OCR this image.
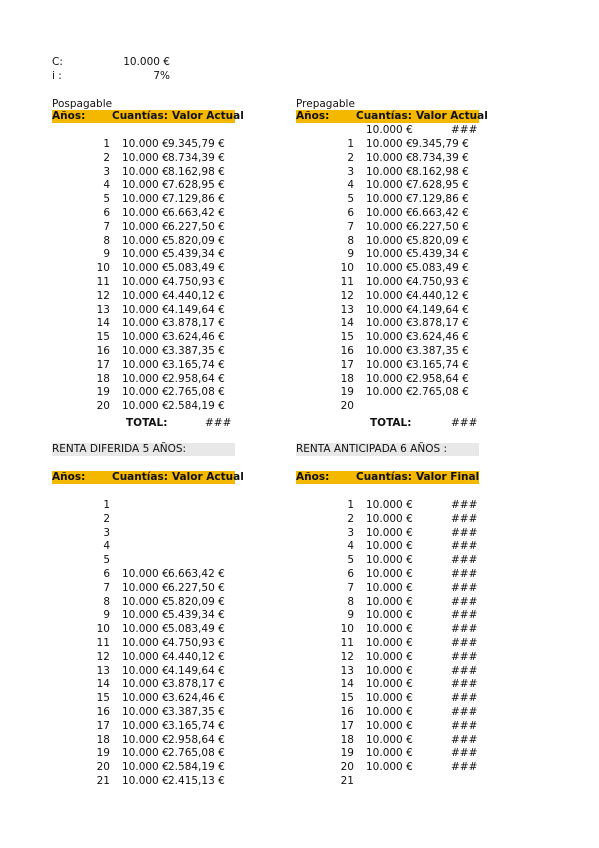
C:	10.000 €
i :	7%
Pospagable
Años:	Cuantías: Valor Actual
1 10.000 € 9.345,79 €
2 10.000 € 8.734,39 €
3 10.000 € 8.162,98 €
4 10.000 € 7.628,95 €
5 10.000 € 7.129,86 €
6 10.000 € 6.663,42 €
7 10.000 € 6.227,50 €
8 10.000 € 5.820,09 €
9 10.000 € 5.439,34 €
10 10.000 € 5.083,49 €
11 10.000 € 4.750,93 €
12 10.000 € 4.440,12 €
13 10.000 € 4.149,64 €
14 10.000 € 3.878,17 €
15 10.000 € 3.624,46 €
16 10.000 € 3.387,35 €
17 10.000 € 3.165,74 €
18 10.000 € 2.958,64 €
19 10.000 € 2.765,08 €
20 10.000 € 2.584,19 €
TOTAL:	###
Prepagable
Años:	Cuantías: Valor Actual
10.000 €	###
1 10.000 € 9.345,79 €
2 10.000 € 8.734,39 €
3 10.000 € 8.162,98 €
4 10.000 € 7.628,95 €
5 10.000 € 7.129,86 €
6 10.000 € 6.663,42 €
7 10.000 € 6.227,50 €
8 10.000 € 5.820,09 €
9 10.000 € 5.439,34 €
10 10.000 € 5.083,49 €
11 10.000 € 4.750,93 €
12 10.000 € 4.440,12 €
13 10.000 € 4.149,64 €
14 10.000 € 3.878,17 €
15 10.000 € 3.624,46 €
16 10.000 € 3.387,35 €
17 10.000 € 3.165,74 €
18 10.000 € 2.958,64 €
19 10.000 € 2.765,08 €
20
TOTAL:	###
RENTA DIFERIDA 5 AÑOS:
Años:	Cuantías: Valor Actual
1
2
3
4
5
6 10.000 € 6.663,42 €
7 10.000 € 6.227,50 €
8 10.000 € 5.820,09 €
9 10.000 € 5.439,34 €
10 10.000 € 5.083,49 €
11 10.000 € 4.750,93 €
12 10.000 € 4.440,12 €
13 10.000 € 4.149,64 €
14 10.000 € 3.878,17 €
15 10.000 € 3.624,46 €
16 10.000 € 3.387,35 €
17 10.000 € 3.165,74 €
18 10.000 € 2.958,64 €
19 10.000 € 2.765,08 €
20 10.000 € 2.584,19 €
21 10.000 € 2.415,13 €
RENTA ANTICIPADA 6 AÑOS :
Años:	Cuantías: Valor Final
1 10.000 €	###
2 10.000 €	###
3 10.000 €	###
4 10.000 €	###
5 10.000 €	###
6 10.000 €	###
7 10.000 €	###
8 10.000 €	###
9 10.000 €	###
10 10.000 €	###
11 10.000 €	###
12 10.000 €	###
13 10.000 €	###
14 10.000 €	###
15 10.000 €	###
16 10.000 €	###
17 10.000 €	###
18 10.000 €	###
19 10.000 €	###
20 10.000 €	###
21
